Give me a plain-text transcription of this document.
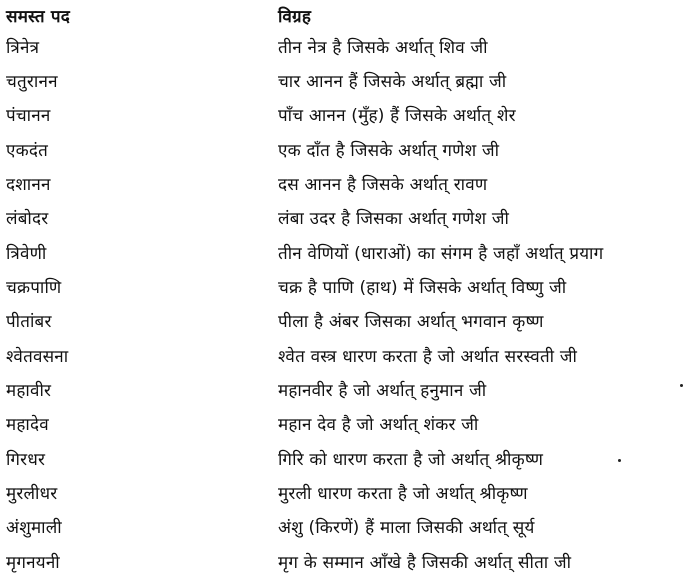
समस्त पद	विग्रह
त्रिनेत्र	तीन नेत्र है जिसके अर्थात् शिव जी
चतुरानन	चार आनन हैं जिसके अर्थात् ब्रह्मा जी
पंचानन	पाँच आनन (मुँह) हैं जिसके अर्थात् शेर
एकदंत	एक दाँत है जिसके अर्थात् गणेश जी
दशानन	दस आनन है जिसके अर्थात् रावण
लंबोदर	लंबा उदर है जिसका अर्थात् गणेश जी
त्रिवेणी	तीन वेणियों (धाराओं) का संगम है जहाँ अर्थात् प्रयाग
चक्रपाणि	चक्र है पाणि (हाथ) में जिसके अर्थात् विष्णु जी
पीतांबर	पीला है अंबर जिसका अर्थात् भगवान कृष्ण
श्वेतवसना	श्वेत वस्त्र धारण करता है जो अर्थात सरस्वती जी
महावीर	महानवीर है जो अर्थात् हनुमान जी
महादेव	महान देव है जो अर्थात् शंकर जी
गिरधर	गिरि को धारण करता है जो अर्थात् श्रीकृष्ण
मुरलीधर	मुरली धारण करता है जो अर्थात् श्रीकृष्ण
अंशुमाली	अंशु (किरणें) हैं माला जिसकी अर्थात् सूर्य
मृगनयनी	मृग के सम्मान आँखे है जिसकी अर्थात् सीता जी
